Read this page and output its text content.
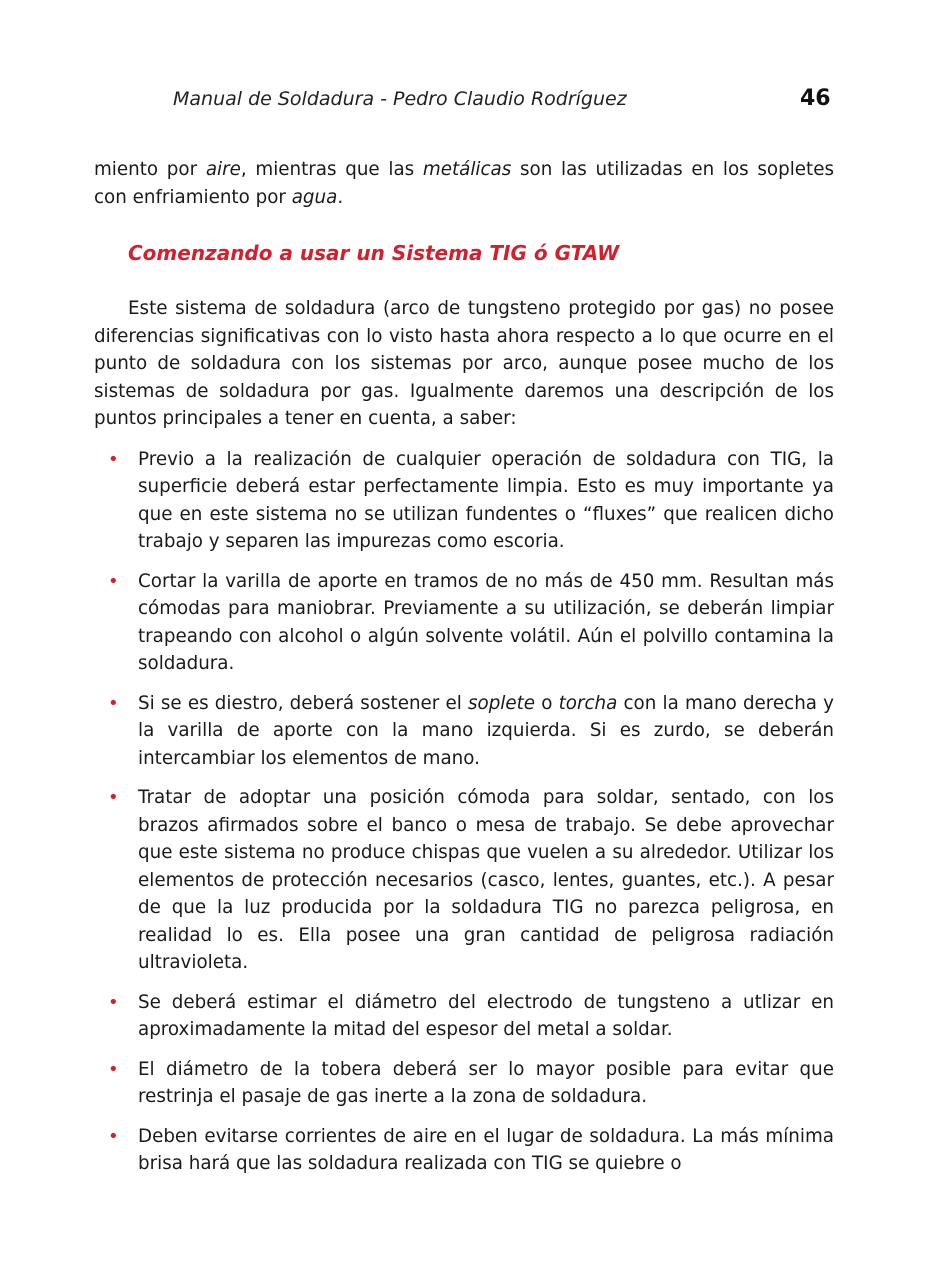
Manual de Soldadura - Pedro Claudio Rodríguez	46

miento por aire, mientras que las metálicas son las utilizadas en los sopletes con enfriamiento por agua.

Comenzando a usar un Sistema TIG ó GTAW

Este sistema de soldadura (arco de tungsteno protegido por gas) no posee diferencias significativas con lo visto hasta ahora respecto a lo que ocurre en el punto de soldadura con los sistemas por arco, aunque posee mucho de los sistemas de soldadura por gas. Igualmente daremos una descripción de los puntos principales a tener en cuenta, a saber:

• Previo a la realización de cualquier operación de soldadura con TIG, la superficie deberá estar perfectamente limpia. Esto es muy importante ya que en este sistema no se utilizan fundentes o “fluxes” que realicen dicho trabajo y separen las impurezas como escoria.
• Cortar la varilla de aporte en tramos de no más de 450 mm. Resultan más cómodas para maniobrar. Previamente a su utilización, se deberán limpiar trapeando con alcohol o algún solvente volátil. Aún el polvillo contamina la soldadura.
• Si se es diestro, deberá sostener el soplete o torcha con la mano derecha y la varilla de aporte con la mano izquierda. Si es zurdo, se deberán intercambiar los elementos de mano.
• Tratar de adoptar una posición cómoda para soldar, sentado, con los brazos afirmados sobre el banco o mesa de trabajo. Se debe aprovechar que este sistema no produce chispas que vuelen a su alrededor. Utilizar los elementos de protección necesarios (casco, lentes, guantes, etc.). A pesar de que la luz producida por la soldadura TIG no parezca peligrosa, en realidad lo es. Ella posee una gran cantidad de peligrosa radiación ultravioleta.
• Se deberá estimar el diámetro del electrodo de tungsteno a utlizar en aproximadamente la mitad del espesor del metal a soldar.
• El diámetro de la tobera deberá ser lo mayor posible para evitar que restrinja el pasaje de gas inerte a la zona de soldadura.
• Deben evitarse corrientes de aire en el lugar de soldadura. La más mínima brisa hará que las soldadura realizada con TIG se quiebre o
